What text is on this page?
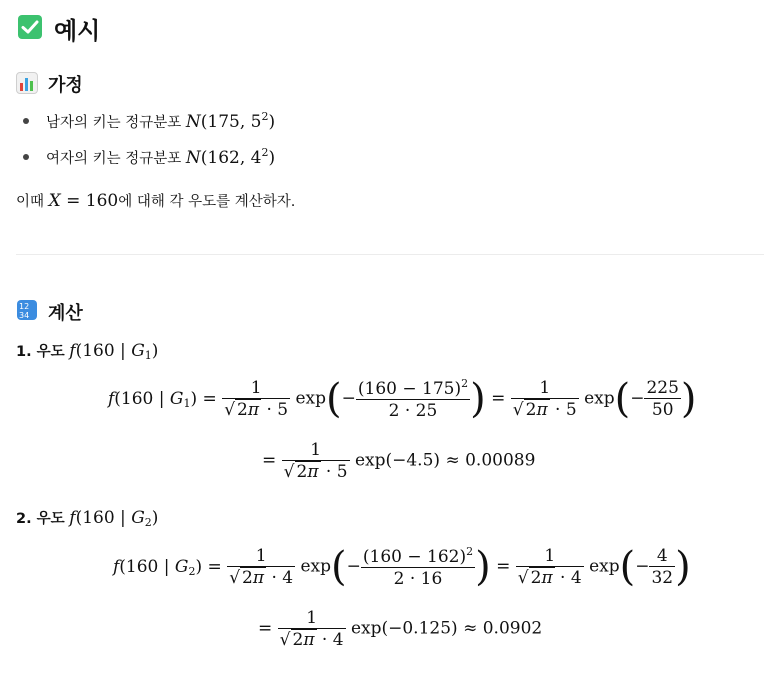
예시
가정
남자의 키는 정규분포 N(175, $5^2$)
여자의 키는 정규분포 N(162, $4^2$)
이때 X = 160에 대해 각 우도를 계산하자.
12
34 계산
1. 우도 f(160 | $G_1$)
f(160 | $G_1) = \frac{1}{√ 2\pi \cdot 5} \exp(- \frac{(160 - 175)^2}{2 \cdot 25}$ ) = $\frac{1}{√ 2\pi \cdot 5} \exp(- \frac{225}{50}$ )
= $\frac{1}{√ 2\pi \cdot 5} \exp(-4.5) \approx 0.00089$
2. 우도 f(160 | $G_2$)
f(160 | $G_2) = \frac{1}{√ 2\pi \cdot 4} \exp(- \frac{(160 - 162)^2}{2 \cdot 16}$ ) = $\frac{1}{√ 2\pi \cdot 4} \exp(- \frac{4}{32}$ )
= $\frac{1}{√ 2\pi \cdot 4} \exp(-0.125) \approx 0.0902$
